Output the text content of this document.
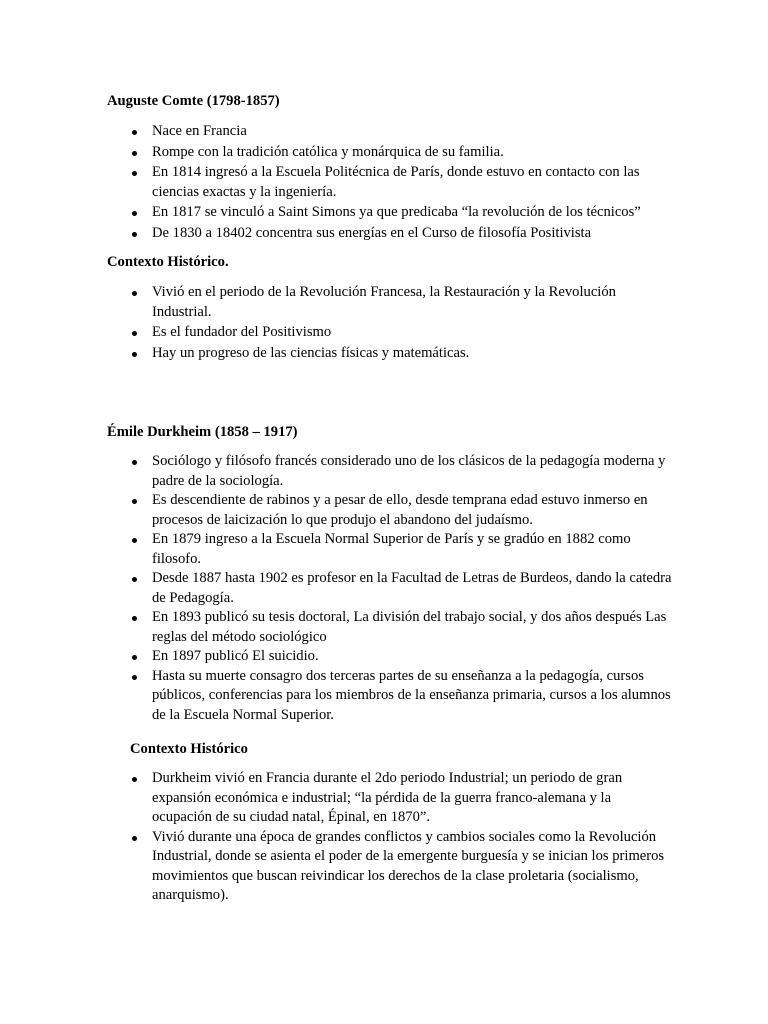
Auguste Comte (1798-1857)
Nace en Francia
Rompe con la tradición católica y monárquica de su familia.
En 1814 ingresó a la Escuela Politécnica de París, donde estuvo en contacto con las ciencias exactas y la ingeniería.
En 1817 se vinculó a Saint Simons ya que predicaba “la revolución de los técnicos”
De 1830 a 18402 concentra sus energías en el Curso de filosofía Positivista
Contexto Histórico.
Vivió en el periodo de la Revolución Francesa, la Restauración y la Revolución Industrial.
Es el fundador del Positivismo
Hay un progreso de las ciencias físicas y matemáticas.
Émile Durkheim (1858 – 1917)
Sociólogo y filósofo francés considerado uno de los clásicos de la pedagogía moderna y padre de la sociología.
Es descendiente de rabinos y a pesar de ello, desde temprana edad estuvo inmerso en procesos de laicización lo que produjo el abandono del judaísmo.
En 1879 ingreso a la Escuela Normal Superior de París y se gradúo en 1882 como filosofo.
Desde 1887 hasta 1902 es profesor en la Facultad de Letras de Burdeos, dando la catedra de Pedagogía.
En 1893 publicó su tesis doctoral, La división del trabajo social, y dos años después Las reglas del método sociológico
En 1897 publicó El suicidio.
Hasta su muerte consagro dos terceras partes de su enseñanza a la pedagogía, cursos públicos, conferencias para los miembros de la enseñanza primaria, cursos a los alumnos de la Escuela Normal Superior.
Contexto Histórico
Durkheim vivió en Francia durante el 2do periodo Industrial; un periodo de gran expansión económica e industrial; “la pérdida de la guerra franco-alemana y la ocupación de su ciudad natal, Épinal, en 1870”.
Vivió durante una época de grandes conflictos y cambios sociales como la Revolución Industrial, donde se asienta el poder de la emergente burguesía y se inician los primeros movimientos que buscan reivindicar los derechos de la clase proletaria (socialismo, anarquismo).
